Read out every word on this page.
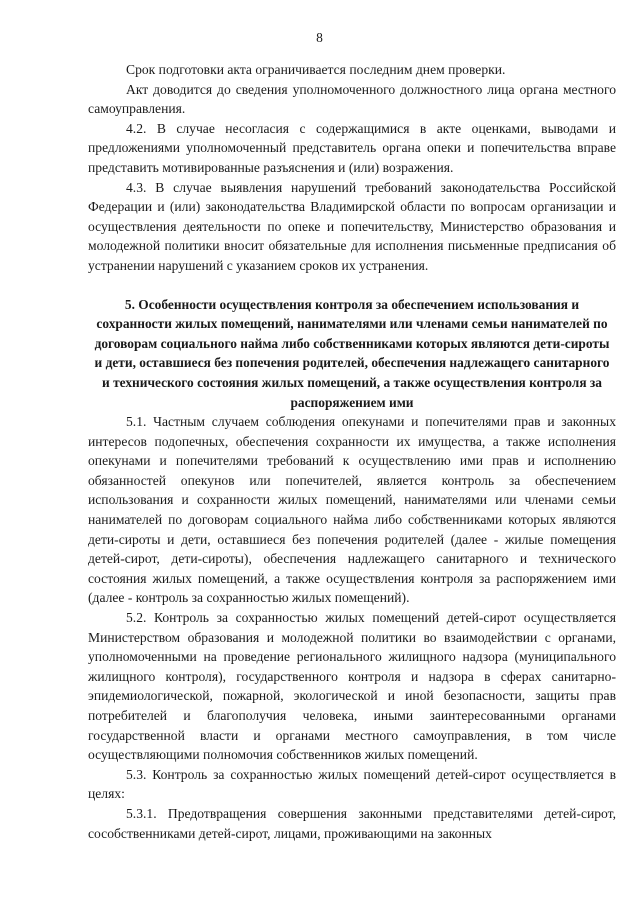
8

Срок подготовки акта ограничивается последним днем проверки.

Акт доводится до сведения уполномоченного должностного лица органа местного самоуправления.

4.2. В случае несогласия с содержащимися в акте оценками, выводами и предложениями уполномоченный представитель органа опеки и попечительства вправе представить мотивированные разъяснения и (или) возражения.

4.3. В случае выявления нарушений требований законодательства Российской Федерации и (или) законодательства Владимирской области по вопросам организации и осуществления деятельности по опеке и попечительству, Министерство образования и молодежной политики вносит обязательные для исполнения письменные предписания об устранении нарушений с указанием сроков их устранения.

5. Особенности осуществления контроля за обеспечением использования и сохранности жилых помещений, нанимателями или членами семьи нанимателей по договорам социального найма либо собственниками которых являются дети-сироты и дети, оставшиеся без попечения родителей, обеспечения надлежащего санитарного и технического состояния жилых помещений, а также осуществления контроля за распоряжением ими

5.1. Частным случаем соблюдения опекунами и попечителями прав и законных интересов подопечных, обеспечения сохранности их имущества, а также исполнения опекунами и попечителями требований к осуществлению ими прав и исполнению обязанностей опекунов или попечителей, является контроль за обеспечением использования и сохранности жилых помещений, нанимателями или членами семьи нанимателей по договорам социального найма либо собственниками которых являются дети-сироты и дети, оставшиеся без попечения родителей (далее - жилые помещения детей-сирот, дети-сироты), обеспечения надлежащего санитарного и технического состояния жилых помещений, а также осуществления контроля за распоряжением ими (далее - контроль за сохранностью жилых помещений).

5.2. Контроль за сохранностью жилых помещений детей-сирот осуществляется Министерством образования и молодежной политики во взаимодействии с органами, уполномоченными на проведение регионального жилищного надзора (муниципального жилищного контроля), государственного контроля и надзора в сферах санитарно-эпидемиологической, пожарной, экологической и иной безопасности, защиты прав потребителей и благополучия человека, иными заинтересованными органами государственной власти и органами местного самоуправления, в том числе осуществляющими полномочия собственников жилых помещений.

5.3. Контроль за сохранностью жилых помещений детей-сирот осуществляется в целях:

5.3.1. Предотвращения совершения законными представителями детей-сирот, сособственниками детей-сирот, лицами, проживающими на законных
